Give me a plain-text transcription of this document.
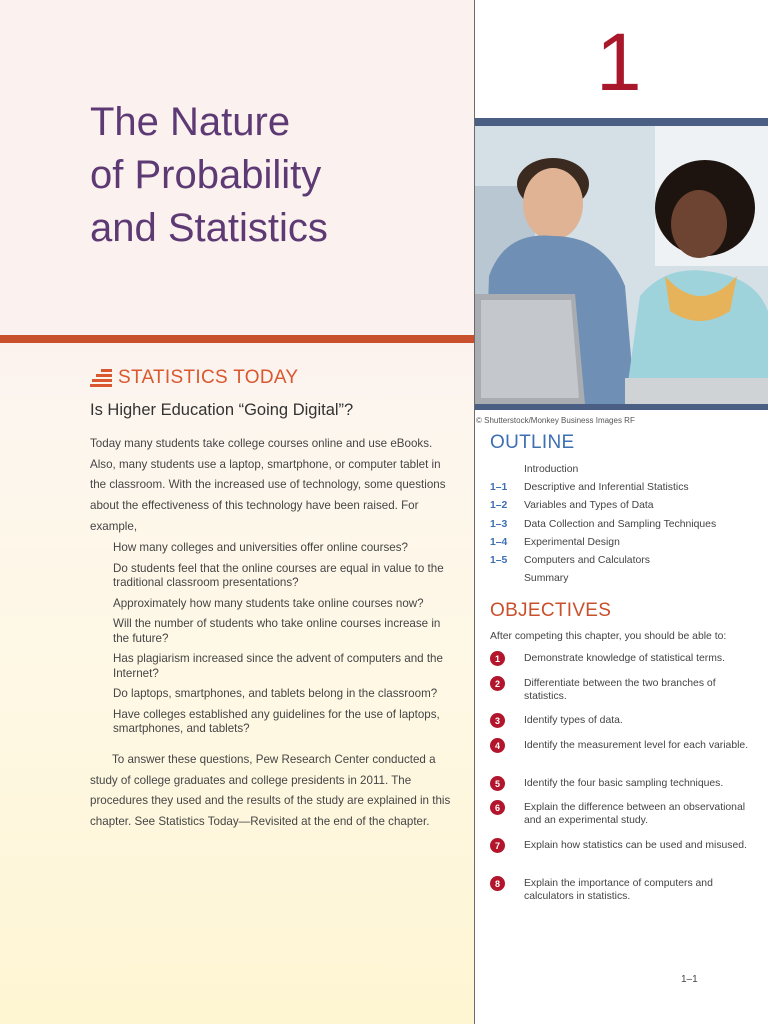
The Nature
of Probability
and Statistics
STATISTICS TODAY
Is Higher Education “Going Digital”?

Today many students take college courses online and use eBooks. Also, many students use a laptop, smartphone, or computer tablet in the classroom. With the increased use of technology, some questions about the effectiveness of this technology have been raised. For example,

How many colleges and universities offer online courses?
Do students feel that the online courses are equal in value to the traditional classroom presentations?
Approximately how many students take online courses now?
Will the number of students who take online courses increase in the future?
Has plagiarism increased since the advent of computers and the Internet?
Do laptops, smartphones, and tablets belong in the classroom?
Have colleges established any guidelines for the use of laptops, smartphones, and tablets?

To answer these questions, Pew Research Center conducted a study of college graduates and college presidents in 2011. The procedures they used and the results of the study are explained in this chapter. See Statistics Today—Revisited at the end of the chapter.

1
© Shutterstock/Monkey Business Images RF
OUTLINE
Introduction
1–1	Descriptive and Inferential Statistics
1–2	Variables and Types of Data
1–3	Data Collection and Sampling Techniques
1–4	Experimental Design
1–5	Computers and Calculators
Summary
OBJECTIVES
After competing this chapter, you should be able to:
1	Demonstrate knowledge of statistical terms.
2	Differentiate between the two branches of statistics.
3	Identify types of data.
4	Identify the measurement level for each variable.
5	Identify the four basic sampling techniques.
6	Explain the difference between an observational and an experimental study.
7	Explain how statistics can be used and misused.
8	Explain the importance of computers and calculators in statistics.
1–1
